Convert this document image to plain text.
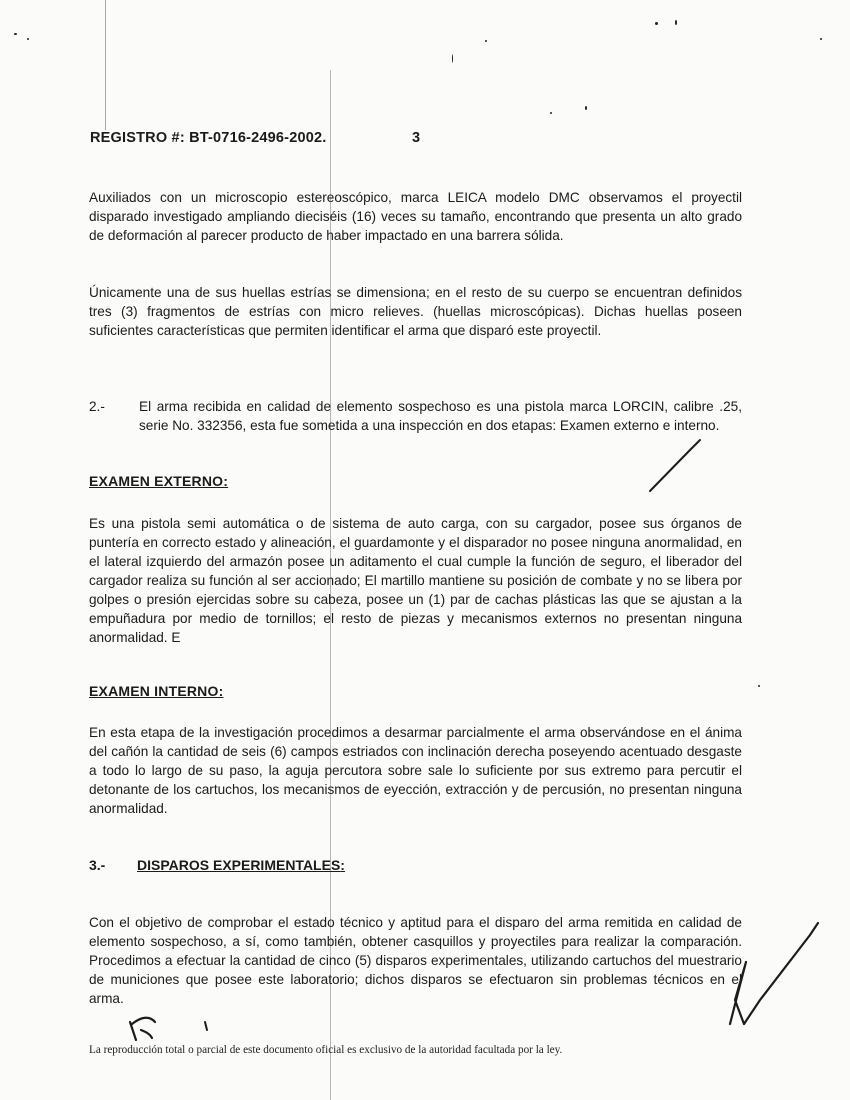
REGISTRO #: BT-0716-2496-2002.	3
Auxiliados con un microscopio estereoscópico, marca LEICA modelo DMC observamos el proyectil disparado investigado ampliando dieciséis (16) veces su tamaño, encontrando que presenta un alto grado de deformación al parecer producto de haber impactado en una barrera sólida.
Únicamente una de sus huellas estrías se dimensiona; en el resto de su cuerpo se encuentran definidos tres (3) fragmentos de estrías con micro relieves. (huellas microscópicas). Dichas huellas poseen suficientes características que permiten identificar el arma que disparó este proyectil.
2.-	El arma recibida en calidad de elemento sospechoso es una pistola marca LORCIN, calibre .25, serie No. 332356, esta fue sometida a una inspección en dos etapas: Examen externo e interno.
EXAMEN EXTERNO:
Es una pistola semi automática o de sistema de auto carga, con su cargador, posee sus órganos de puntería en correcto estado y alineación, el guardamonte y el disparador no posee ninguna anormalidad, en el lateral izquierdo del armazón posee un aditamento el cual cumple la función de seguro, el liberador del cargador realiza su función al ser accionado; El martillo mantiene su posición de combate y no se libera por golpes o presión ejercidas sobre su cabeza, posee un (1) par de cachas plásticas las que se ajustan a la empuñadura por medio de tornillos; el resto de piezas y mecanismos externos no presentan ninguna anormalidad. E
EXAMEN INTERNO:
En esta etapa de la investigación procedimos a desarmar parcialmente el arma observándose en el ánima del cañón la cantidad de seis (6) campos estriados con inclinación derecha poseyendo acentuado desgaste a todo lo largo de su paso, la aguja percutora sobre sale lo suficiente por sus extremo para percutir el detonante de los cartuchos, los mecanismos de eyección, extracción y de percusión, no presentan ninguna anormalidad.
3.- DISPAROS EXPERIMENTALES:
Con el objetivo de comprobar el estado técnico y aptitud para el disparo del arma remitida en calidad de elemento sospechoso, a sí, como también, obtener casquillos y proyectiles para realizar la comparación. Procedimos a efectuar la cantidad de cinco (5) disparos experimentales, utilizando cartuchos del muestrario de municiones que posee este laboratorio; dichos disparos se efectuaron sin problemas técnicos en el arma.
La reproducción total o parcial de este documento oficial es exclusivo de la autoridad facultada por la ley.
